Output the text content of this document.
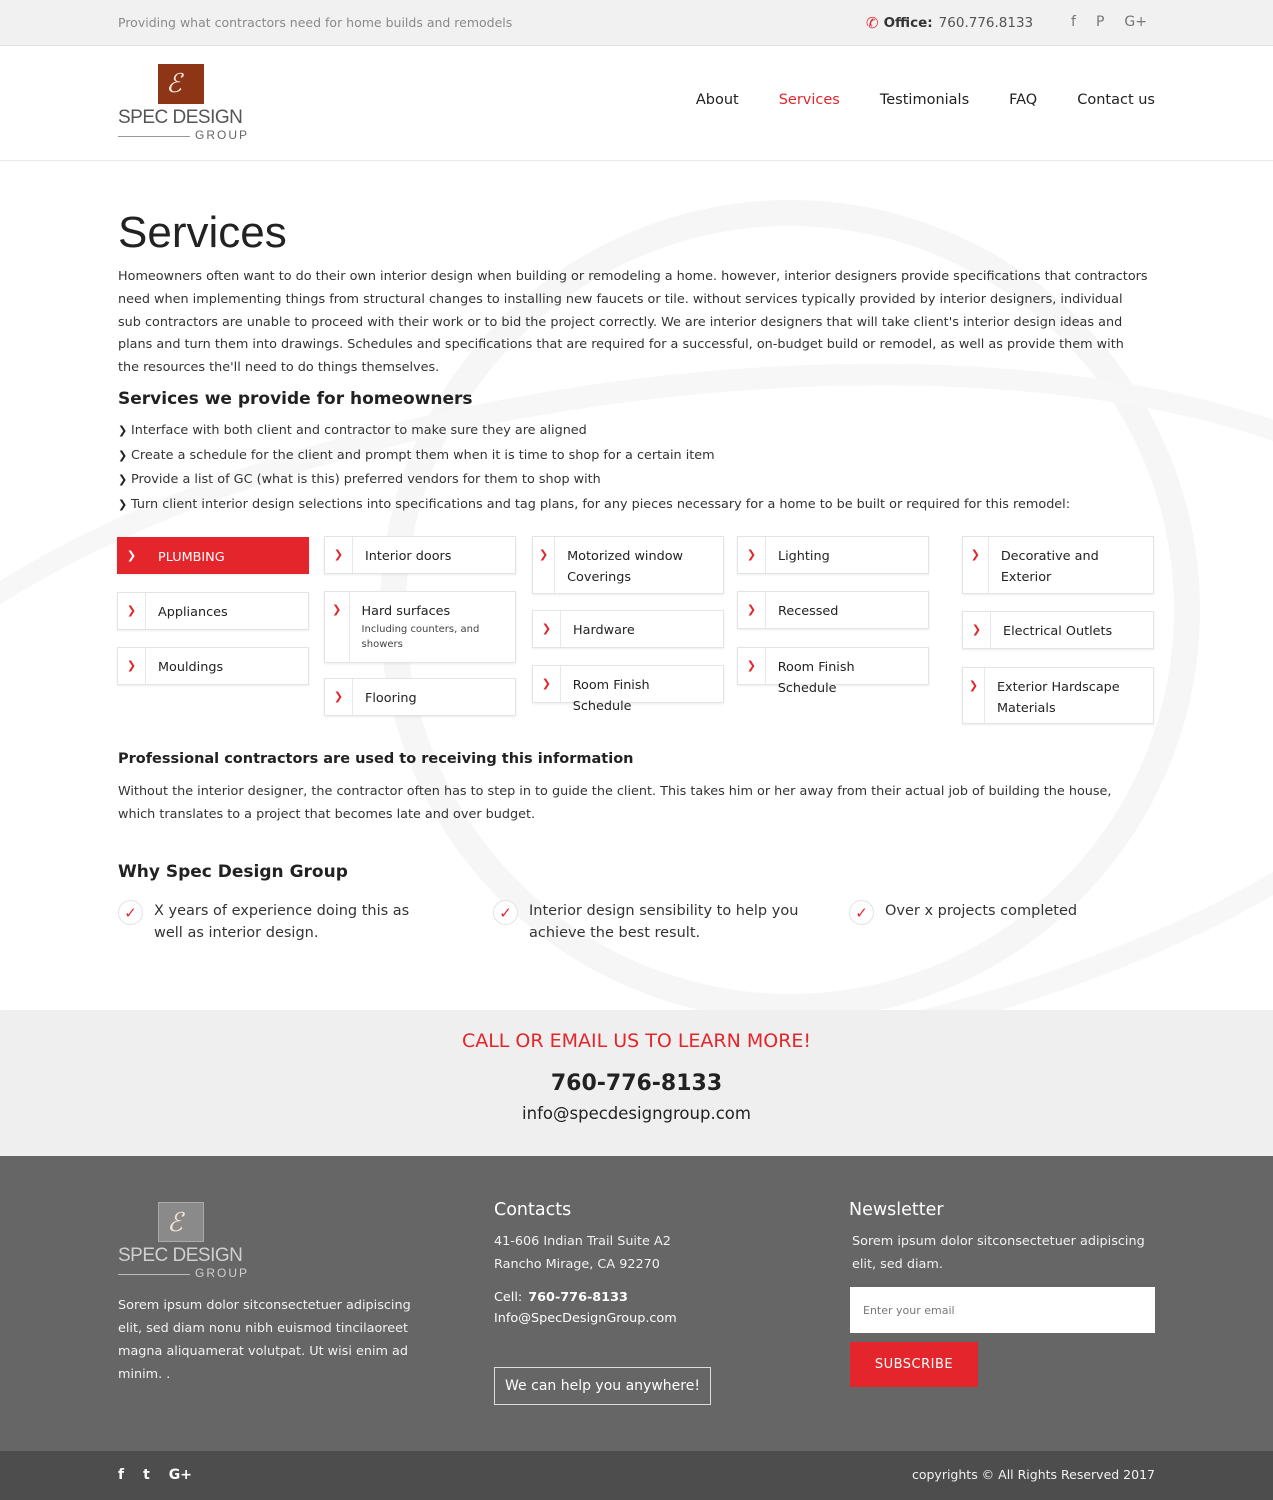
Providing what contractors need for home builds and remodels	✆ Office: 760.776.8133	f P G+
ℰ
SPEC DESIGN
GROUP
About	Services	Testimonials	FAQ	Contact us
Services

Homeowners often want to do their own interior design when building or remodeling a home. however, interior designers provide specifications that contractors need when implementing things from structural changes to installing new faucets or tile. without services typically provided by interior designers, individual sub contractors are unable to proceed with their work or to bid the project correctly. We are interior designers that will take client's interior design ideas and plans and turn them into drawings. Schedules and specifications that are required for a successful, on-budget build or remodel, as well as provide them with the resources the'll need to do things themselves.

Services we provide for homeowners
❯ Interface with both client and contractor to make sure they are aligned
❯ Create a schedule for the client and prompt them when it is time to shop for a certain item
❯ Provide a list of GC (what is this) preferred vendors for them to shop with
❯ Turn client interior design selections into specifications and tag plans, for any pieces necessary for a home to be built or required for this remodel:
❯	PLUMBING
❯	Appliances
❯	Mouldings
❯	Interior doors
❯	Hard surfaces
Including counters, and showers
❯	Flooring
❯	Motorized window Coverings
❯	Hardware
❯	Room Finish Schedule
❯	Lighting
❯	Recessed
❯	Room Finish Schedule
❯	Decorative and Exterior
❯	Electrical Outlets
❯	Exterior Hardscape Materials
Professional contractors are used to receiving this information

Without the interior designer, the contractor often has to step in to guide the client. This takes him or her away from their actual job of building the house, which translates to a project that becomes late and over budget.

Why Spec Design Group
✓	X years of experience doing this as well as interior design.
✓	Interior design sensibility to help you achieve the best result.
✓	Over x projects completed
CALL OR EMAIL US TO LEARN MORE!
760-776-8133
info@specdesigngroup.com
ℰ
SPEC DESIGN
GROUP

Sorem ipsum dolor sitconsectetuer adipiscing elit, sed diam nonu nibh euismod tincilaoreet magna aliquamerat volutpat. Ut wisi enim ad minim. .

Contacts
41-606 Indian Trail Suite A2
Rancho Mirage, CA 92270
Cell: 760-776-8133
Info@SpecDesignGroup.com
We can help you anywhere!
Newsletter

Sorem ipsum dolor sitconsectetuer adipiscing elit, sed diam.

Enter your email
SUBSCRIBE
f t G+	copyrights © All Rights Reserved 2017
